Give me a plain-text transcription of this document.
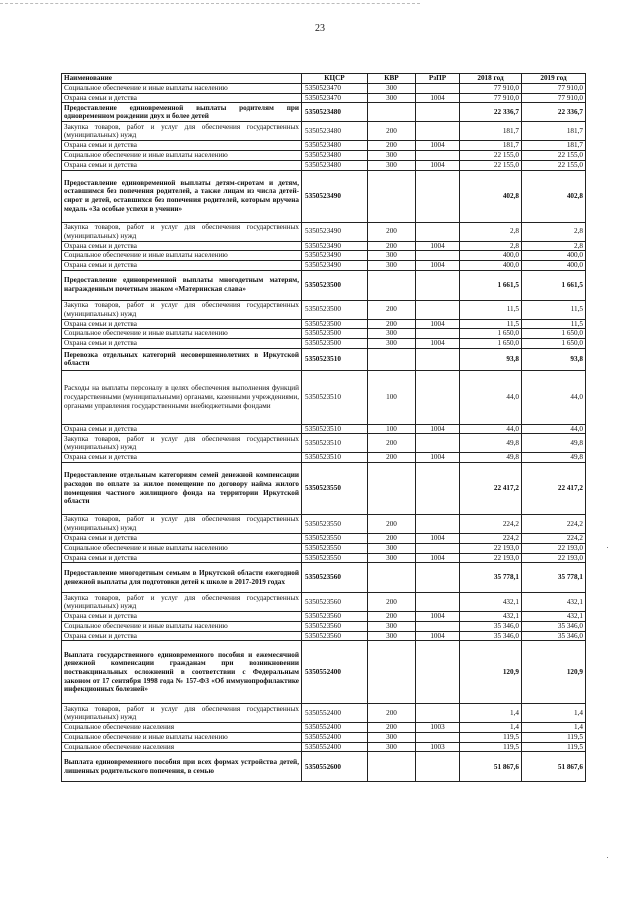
23
Наименование	КЦСР	КВР	РзПР	2018 год	2019 год
Социальное обеспечение и иные выплаты населению	5350523470	300		77 910,0	77 910,0
Охрана семьи и детства	5350523470	300	1004	77 910,0	77 910,0
Предоставление единовременной выплаты родителям при одновременном рождении двух и более детей	5350523480			22 336,7	22 336,7
Закупка товаров, работ и услуг для обеспечения государственных (муниципальных) нужд	5350523480	200		181,7	181,7
Охрана семьи и детства	5350523480	200	1004	181,7	181,7
Социальное обеспечение и иные выплаты населению	5350523480	300		22 155,0	22 155,0
Охрана семьи и детства	5350523480	300	1004	22 155,0	22 155,0
Предоставление единовременной выплаты детям-сиротам и детям, оставшимся без попечения родителей, а также лицам из числа детей-сирот и детей, оставшихся без попечения родителей, которым вручена медаль «За особые успехи в учении»	5350523490			402,8	402,8
Закупка товаров, работ и услуг для обеспечения государственных (муниципальных) нужд	5350523490	200		2,8	2,8
Охрана семьи и детства	5350523490	200	1004	2,8	2,8
Социальное обеспечение и иные выплаты населению	5350523490	300		400,0	400,0
Охрана семьи и детства	5350523490	300	1004	400,0	400,0
Предоставление единовременной выплаты многодетным матерям, награжденным почетным знаком «Материнская слава»	5350523500			1 661,5	1 661,5
Закупка товаров, работ и услуг для обеспечения государственных (муниципальных) нужд	5350523500	200		11,5	11,5
Охрана семьи и детства	5350523500	200	1004	11,5	11,5
Социальное обеспечение и иные выплаты населению	5350523500	300		1 650,0	1 650,0
Охрана семьи и детства	5350523500	300	1004	1 650,0	1 650,0
Перевозка отдельных категорий несовершеннолетних в Иркутской области	5350523510			93,8	93,8
Расходы на выплаты персоналу в целях обеспечения выполнения функций государственными (муниципальными) органами, казенными учреждениями, органами управления государственными внебюджетными фондами	5350523510	100		44,0	44,0
Охрана семьи и детства	5350523510	100	1004	44,0	44,0
Закупка товаров, работ и услуг для обеспечения государственных (муниципальных) нужд	5350523510	200		49,8	49,8
Охрана семьи и детства	5350523510	200	1004	49,8	49,8
Предоставление отдельным категориям семей денежной компенсации расходов по оплате за жилое помещение по договору найма жилого помещения частного жилищного фонда на территории Иркутской области	5350523550			22 417,2	22 417,2
Закупка товаров, работ и услуг для обеспечения государственных (муниципальных) нужд	5350523550	200		224,2	224,2
Охрана семьи и детства	5350523550	200	1004	224,2	224,2
Социальное обеспечение и иные выплаты населению	5350523550	300		22 193,0	22 193,0
Охрана семьи и детства	5350523550	300	1004	22 193,0	22 193,0
Предоставление многодетным семьям в Иркутской области ежегодной денежной выплаты для подготовки детей к школе в 2017-2019 годах	5350523560			35 778,1	35 778,1
Закупка товаров, работ и услуг для обеспечения государственных (муниципальных) нужд	5350523560	200		432,1	432,1
Охрана семьи и детства	5350523560	200	1004	432,1	432,1
Социальное обеспечение и иные выплаты населению	5350523560	300		35 346,0	35 346,0
Охрана семьи и детства	5350523560	300	1004	35 346,0	35 346,0
Выплата государственного единовременного пособия и ежемесячной денежной компенсации гражданам при возникновении поствакцинальных осложнений в соответствии с Федеральным законом от 17 сентября 1998 года № 157-ФЗ «Об иммунопрофилактике инфекционных болезней»	5350552400			120,9	120,9
Закупка товаров, работ и услуг для обеспечения государственных (муниципальных) нужд	5350552400	200		1,4	1,4
Социальное обеспечение населения	5350552400	200	1003	1,4	1,4
Социальное обеспечение и иные выплаты населению	5350552400	300		119,5	119,5
Социальное обеспечение населения	5350552400	300	1003	119,5	119,5
Выплата единовременного пособия при всех формах устройства детей, лишенных родительского попечения, в семью	5350552600			51 867,6	51 867,6
